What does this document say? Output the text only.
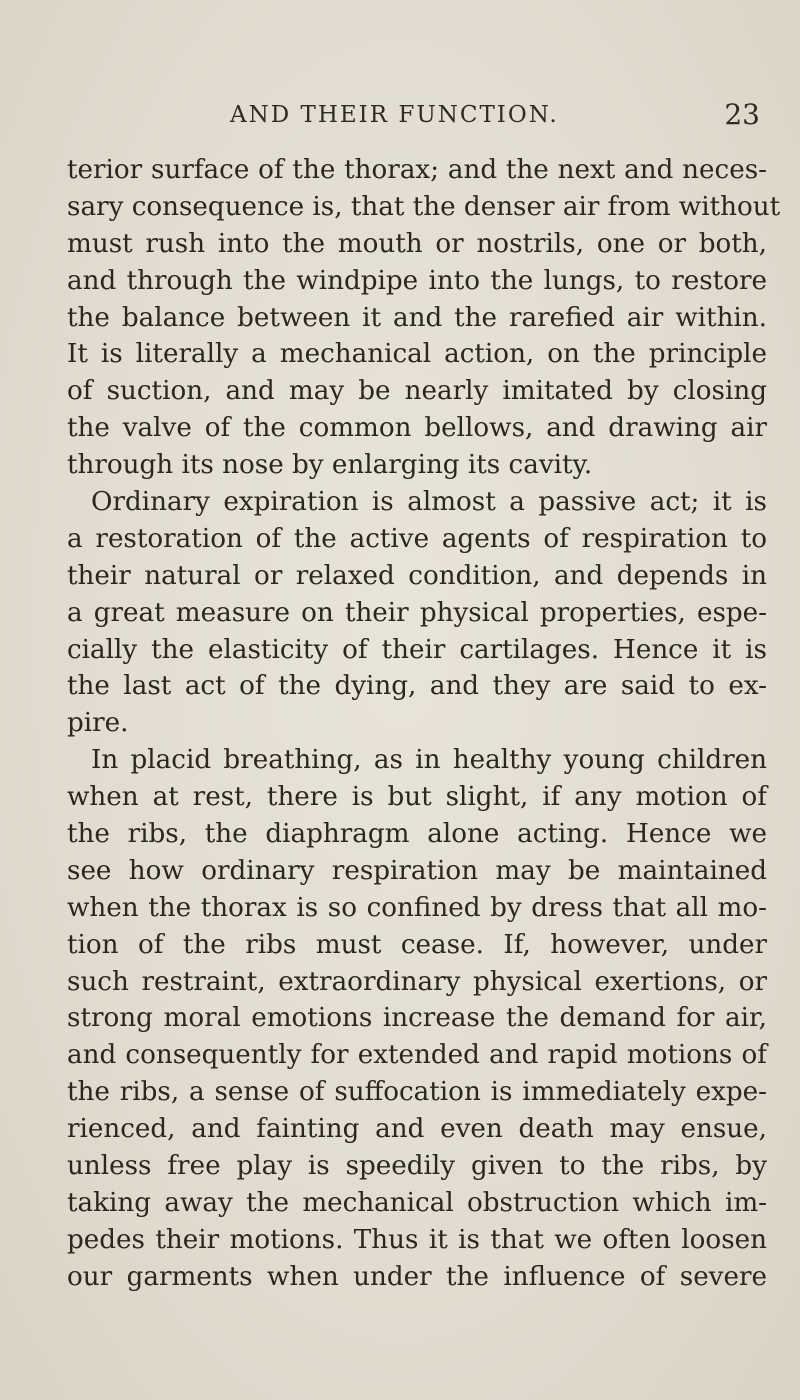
AND THEIR FUNCTION.	23
terior surface of the thorax; and the next and neces-
sary consequence is, that the denser air from without
must rush into the mouth or nostrils, one or both,
and through the windpipe into the lungs, to restore
the balance between it and the rarefied air within.
It is literally a mechanical action, on the principle
of suction, and may be nearly imitated by closing
the valve of the common bellows, and drawing air
through its nose by enlarging its cavity.
Ordinary expiration is almost a passive act; it is
a restoration of the active agents of respiration to
their natural or relaxed condition, and depends in
a great measure on their physical properties, espe-
cially the elasticity of their cartilages. Hence it is
the last act of the dying, and they are said to ex-
pire.
In placid breathing, as in healthy young children
when at rest, there is but slight, if any motion of
the ribs, the diaphragm alone acting. Hence we
see how ordinary respiration may be maintained
when the thorax is so confined by dress that all mo-
tion of the ribs must cease. If, however, under
such restraint, extraordinary physical exertions, or
strong moral emotions increase the demand for air,
and consequently for extended and rapid motions of
the ribs, a sense of suffocation is immediately expe-
rienced, and fainting and even death may ensue,
unless free play is speedily given to the ribs, by
taking away the mechanical obstruction which im-
pedes their motions. Thus it is that we often loosen
our garments when under the influence of severe
